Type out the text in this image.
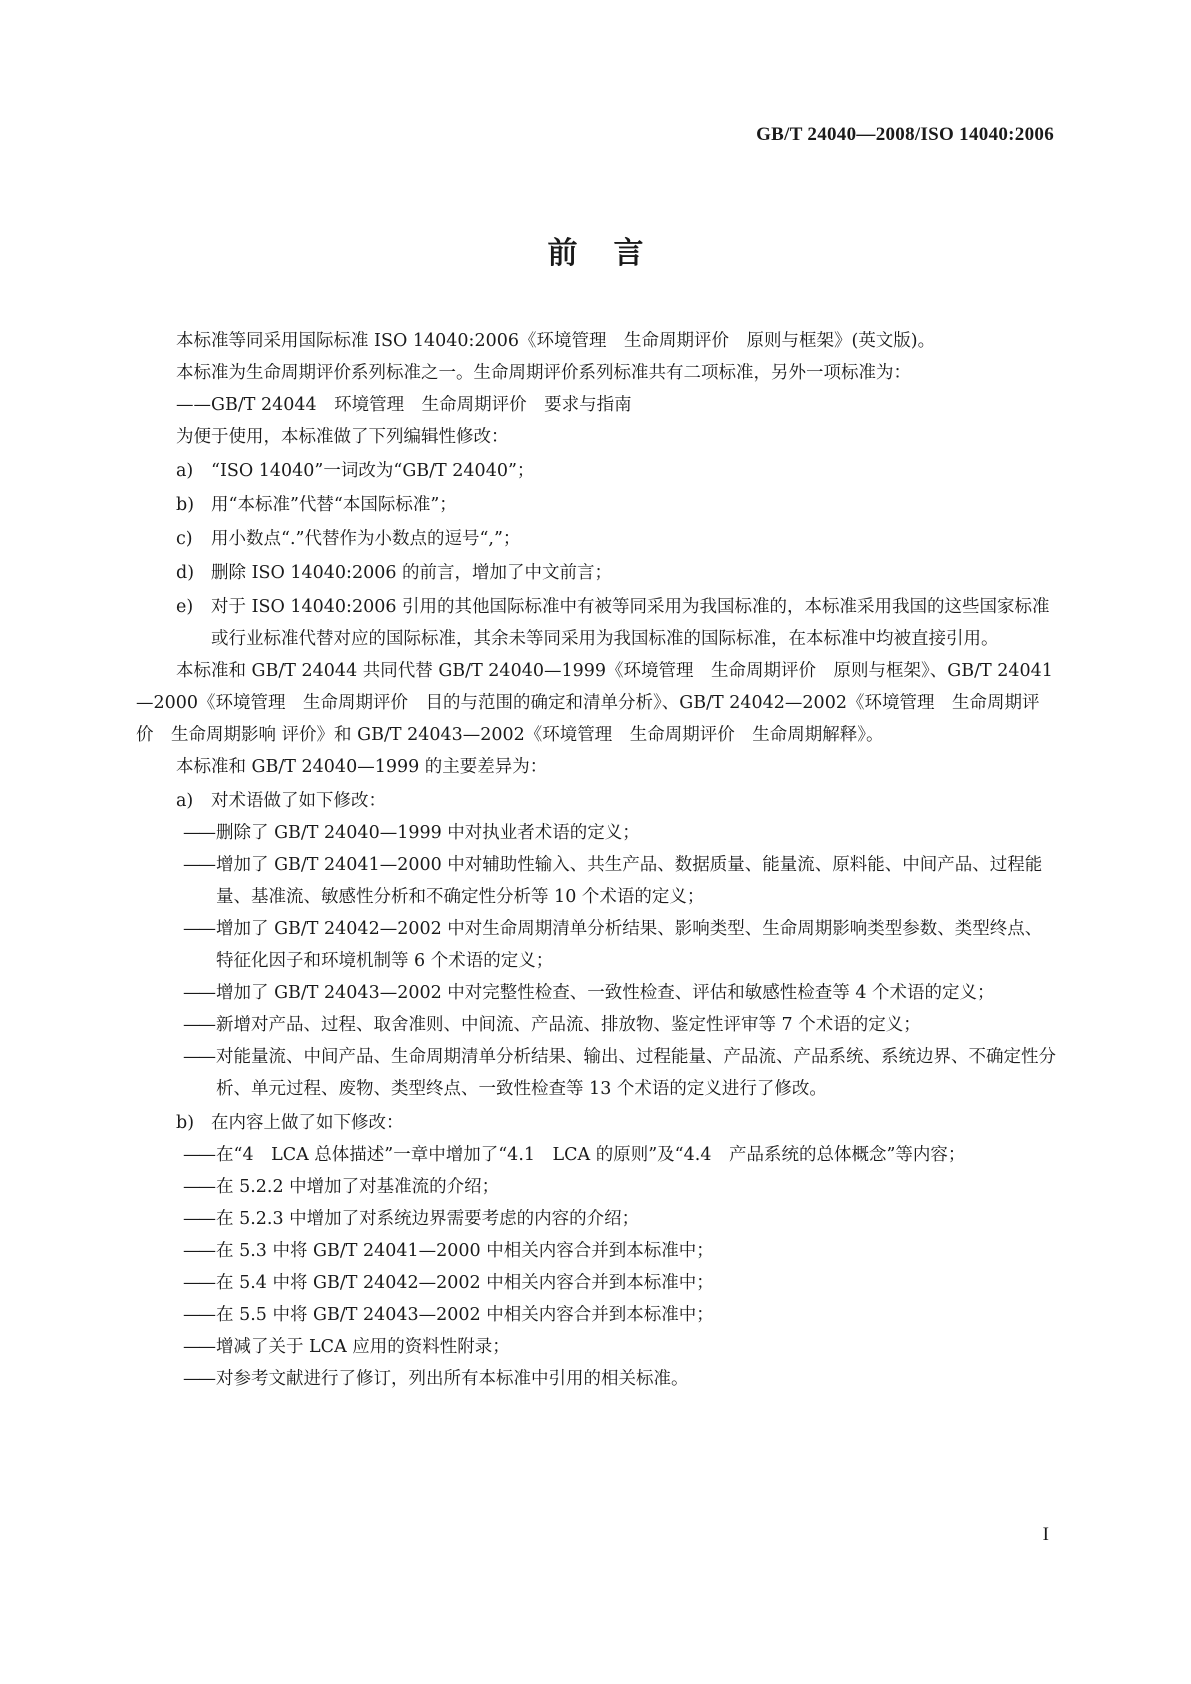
GB/T 24040—2008/ISO 14040:2006
前言

本标准等同采用国际标准 ISO 14040:2006《环境管理　生命周期评价　原则与框架》(英文版)。

本标准为生命周期评价系列标准之一。生命周期评价系列标准共有二项标准，另外一项标准为：

——GB/T 24044　环境管理　生命周期评价　要求与指南

为便于使用，本标准做了下列编辑性修改：

a)	“ISO 14040”一词改为“GB/T 24040”；
b) 用“本标准”代替“本国际标准”；
c)	用小数点“.”代替作为小数点的逗号“,”；
d) 删除 ISO 14040:2006 的前言，增加了中文前言；
e)	对于 ISO 14040:2006 引用的其他国际标准中有被等同采用为我国标准的，本标准采用我国的这些国家标准或行业标准代替对应的国际标准，其余未等同采用为我国标准的国际标准，在本标准中均被直接引用。

本标准和 GB/T 24044 共同代替 GB/T 24040—1999《环境管理　生命周期评价　原则与框架》、GB/T 24041—2000《环境管理　生命周期评价　目的与范围的确定和清单分析》、GB/T 24042—2002《环境管理　生命周期评价　生命周期影响 评价》和 GB/T 24043—2002《环境管理　生命周期评价　生命周期解释》。

本标准和 GB/T 24040—1999 的主要差异为：

a)	对术语做了如下修改：
—— 删除了 GB/T 24040—1999 中对执业者术语的定义；
—— 增加了 GB/T 24041—2000 中对辅助性输入、共生产品、数据质量、能量流、原料能、中间产品、过程能量、基准流、敏感性分析和不确定性分析等 10 个术语的定义；
—— 增加了 GB/T 24042—2002 中对生命周期清单分析结果、影响类型、生命周期影响类型参数、类型终点、特征化因子和环境机制等 6 个术语的定义；
—— 增加了 GB/T 24043—2002 中对完整性检查、一致性检查、评估和敏感性检查等 4 个术语的定义；
—— 新增对产品、过程、取舍准则、中间流、产品流、排放物、鉴定性评审等 7 个术语的定义；
—— 对能量流、中间产品、生命周期清单分析结果、输出、过程能量、产品流、产品系统、系统边界、不确定性分析、单元过程、废物、类型终点、一致性检查等 13 个术语的定义进行了修改。
b) 在内容上做了如下修改：
—— 在“4　LCA 总体描述”一章中增加了“4.1　LCA 的原则”及“4.4　产品系统的总体概念”等内容；
—— 在 5.2.2 中增加了对基准流的介绍；
—— 在 5.2.3 中增加了对系统边界需要考虑的内容的介绍；
—— 在 5.3 中将 GB/T 24041—2000 中相关内容合并到本标准中；
—— 在 5.4 中将 GB/T 24042—2002 中相关内容合并到本标准中；
—— 在 5.5 中将 GB/T 24043—2002 中相关内容合并到本标准中；
—— 增减了关于 LCA 应用的资料性附录；
—— 对参考文献进行了修订，列出所有本标准中引用的相关标准。
I
